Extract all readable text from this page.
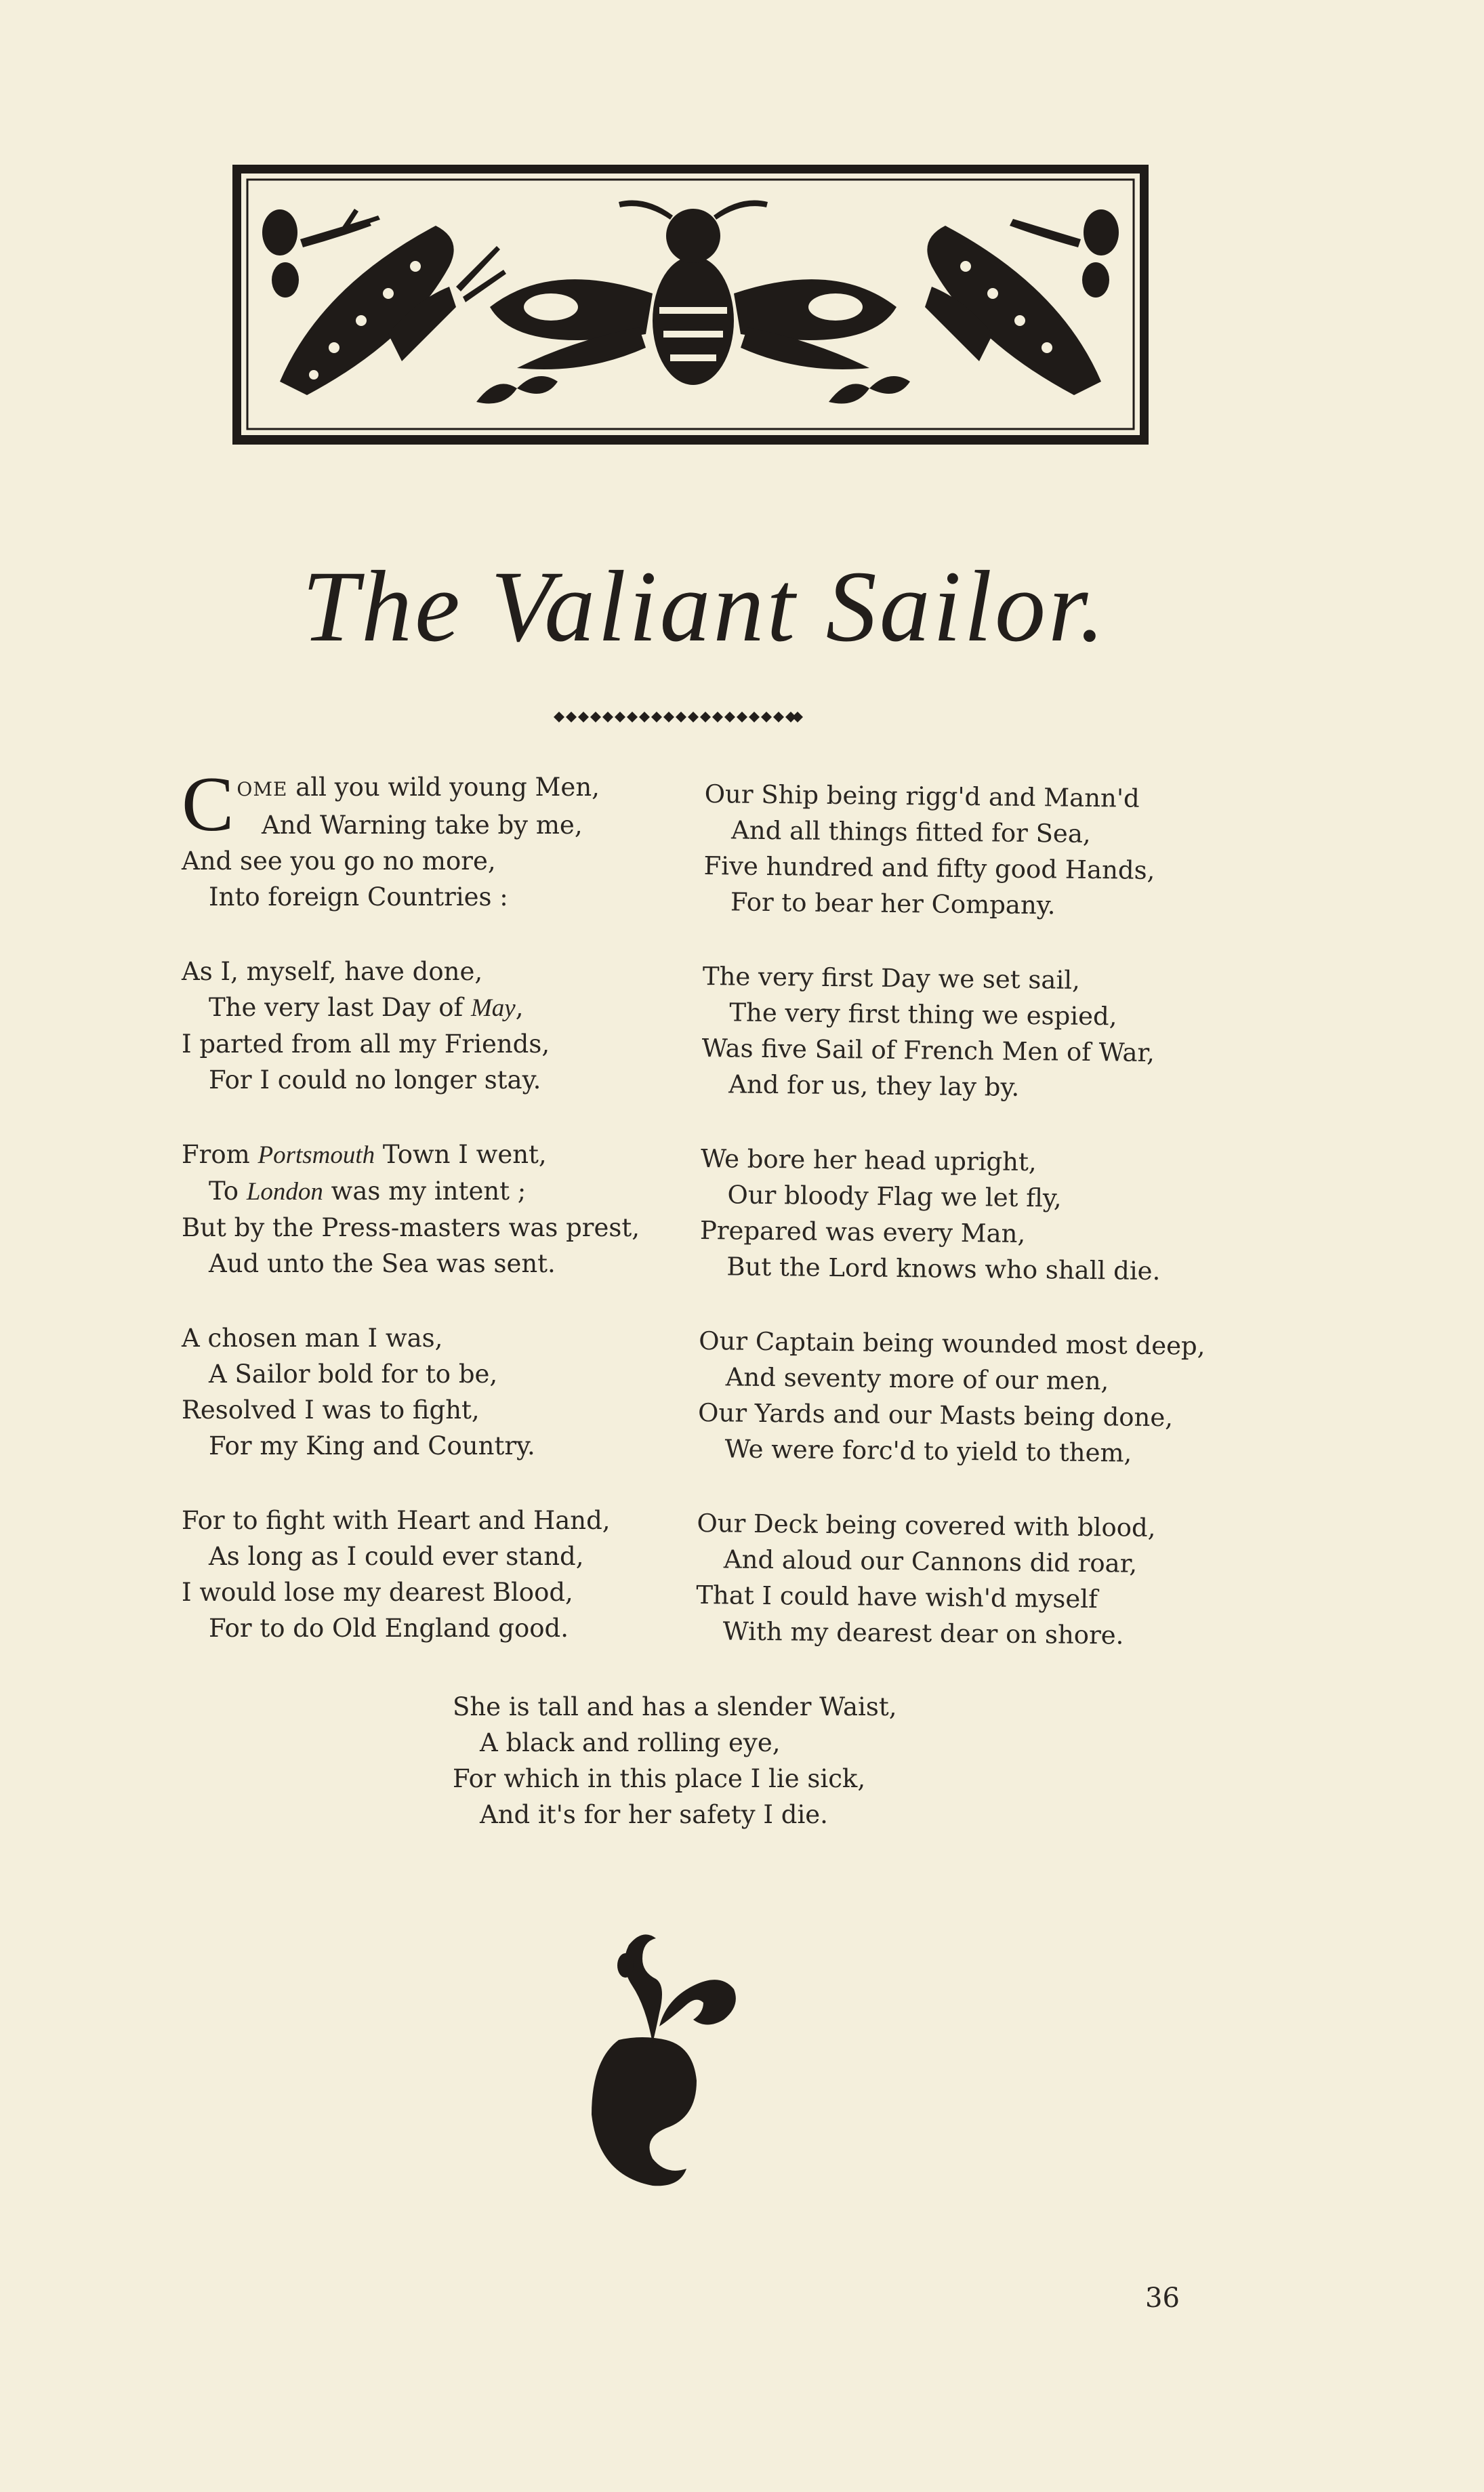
The Valiant Sailor.
C OME all you wild young Men,
And Warning take by me,
And see you go no more,
Into foreign Countries :
As I, myself, have done,
The very last Day of May,
I parted from all my Friends,
For I could no longer stay.
From Portsmouth Town I went,
To London was my intent ;
But by the Press-masters was prest,
Aud unto the Sea was sent.
A chosen man I was,
A Sailor bold for to be,
Resolved I was to fight,
For my King and Country.
For to fight with Heart and Hand,
As long as I could ever stand,
I would lose my dearest Blood,
For to do Old England good.
Our Ship being rigg'd and Mann'd
And all things fitted for Sea,
Five hundred and fifty good Hands,
For to bear her Company.
The very first Day we set sail,
The very first thing we espied,
Was five Sail of French Men of War,
And for us, they lay by.
We bore her head upright,
Our bloody Flag we let fly,
Prepared was every Man,
But the Lord knows who shall die.
Our Captain being wounded most deep,
And seventy more of our men,
Our Yards and our Masts being done,
We were forc'd to yield to them,
Our Deck being covered with blood,
And aloud our Cannons did roar,
That I could have wish'd myself
With my dearest dear on shore.
She is tall and has a slender Waist,
A black and rolling eye,
For which in this place I lie sick,
And it's for her safety I die.
36
